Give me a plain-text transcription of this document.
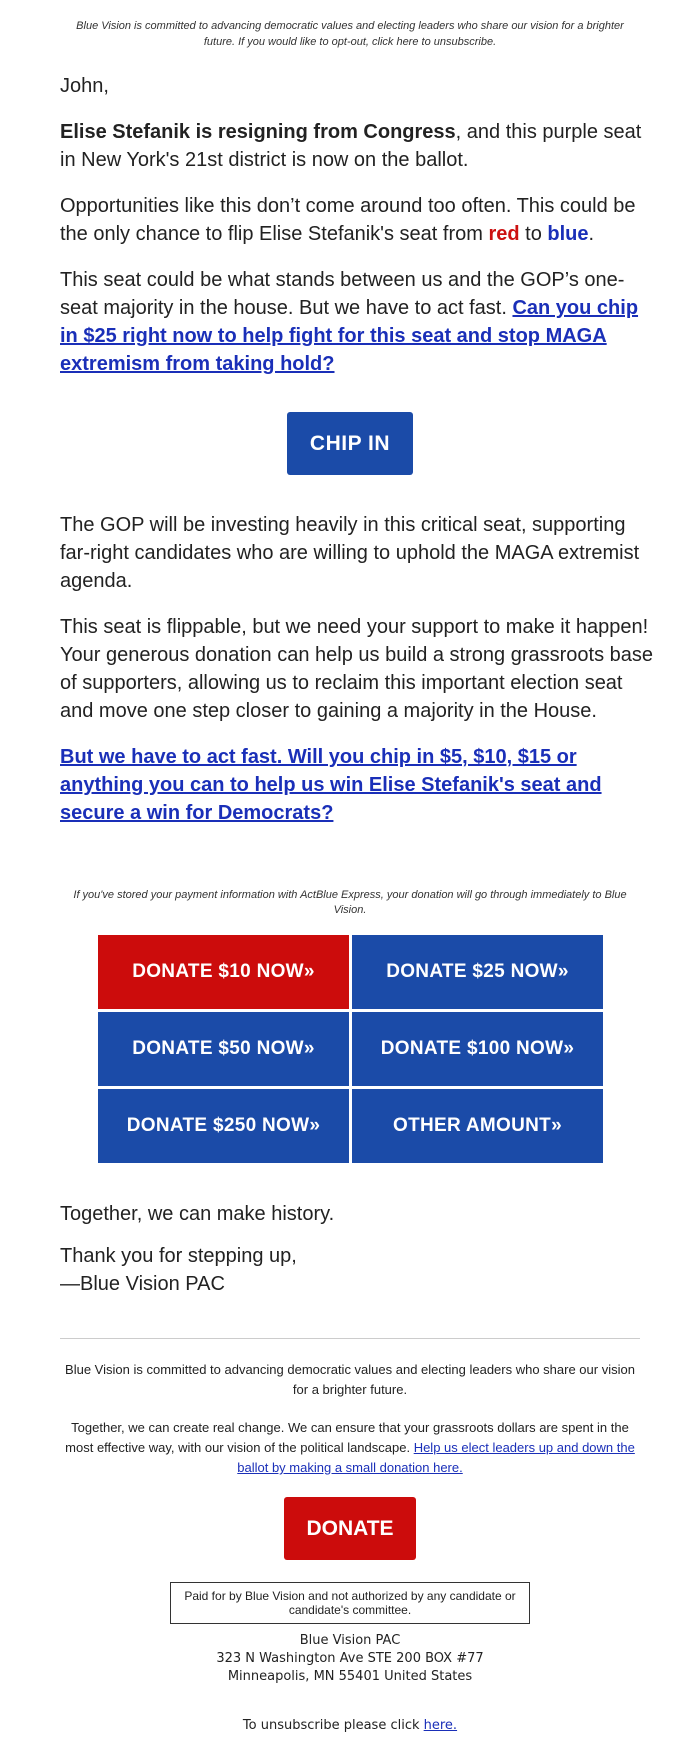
Blue Vision is committed to advancing democratic values and electing leaders who share our vision for a brighter future. If you would like to opt-out, click here to unsubscribe.

John,

Elise Stefanik is resigning from Congress, and this purple seat in New York's 21st district is now on the ballot.

Opportunities like this don’t come around too often. This could be the only chance to flip Elise Stefanik's seat from red to blue.

This seat could be what stands between us and the GOP’s one-seat majority in the house. But we have to act fast. Can you chip in $25 right now to help fight for this seat and stop MAGA extremism from taking hold?

CHIP IN

The GOP will be investing heavily in this critical seat, supporting far-right candidates who are willing to uphold the MAGA extremist agenda.

This seat is flippable, but we need your support to make it happen! Your generous donation can help us build a strong grassroots base of supporters, allowing us to reclaim this important election seat and move one step closer to gaining a majority in the House.

But we have to act fast. Will you chip in $5, $10, $15 or anything you can to help us win Elise Stefanik's seat and secure a win for Democrats?

If you've stored your payment information with ActBlue Express, your donation will go through immediately to Blue Vision.
DONATE $10 NOW»	DONATE $25 NOW»
DONATE $50 NOW»	DONATE $100 NOW»
DONATE $250 NOW»	OTHER AMOUNT»

Together, we can make history.

Thank you for stepping up,
—Blue Vision PAC

Blue Vision is committed to advancing democratic values and electing leaders who share our vision for a brighter future.

Together, we can create real change. We can ensure that your grassroots dollars are spent in the most effective way, with our vision of the political landscape. Help us elect leaders up and down the ballot by making a small donation here.

DONATE
Paid for by Blue Vision and not authorized by any candidate or candidate's committee.
Blue Vision PAC
323 N Washington Ave STE 200 BOX #77
Minneapolis, MN 55401 United States
To unsubscribe please click here.
